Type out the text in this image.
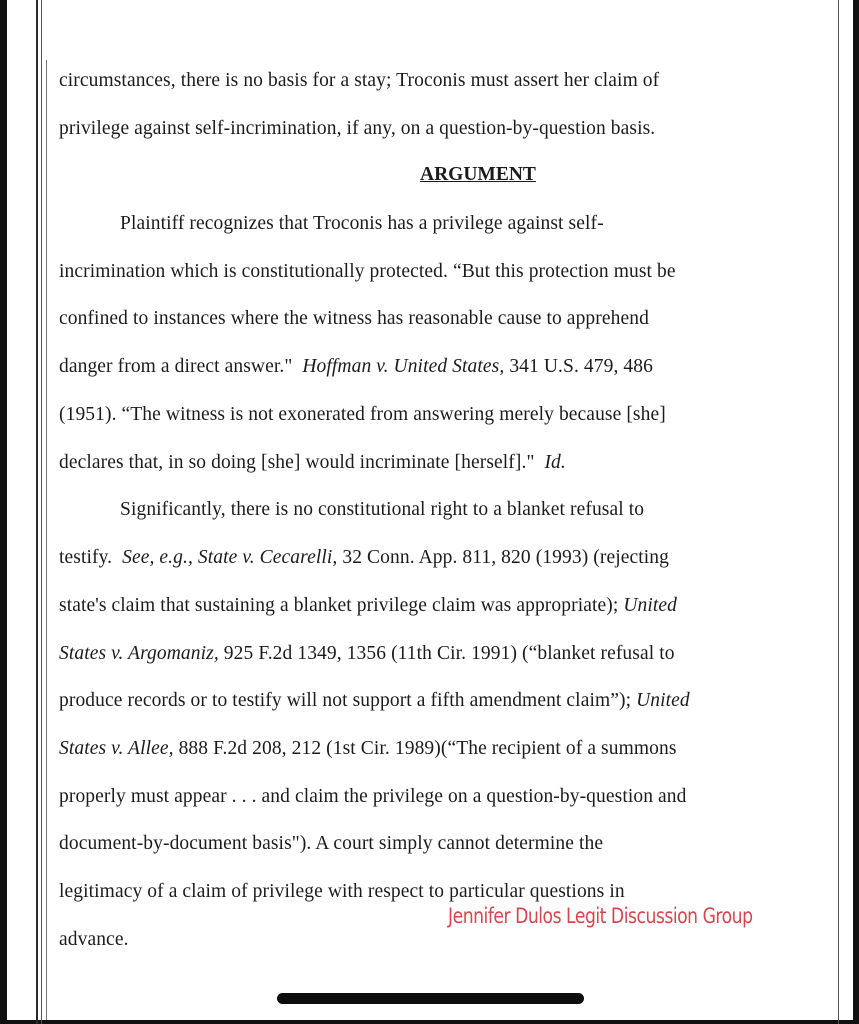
circumstances, there is no basis for a stay; Troconis must assert her claim of
privilege against self-incrimination, if any, on a question-by-question basis.
ARGUMENT
Plaintiff recognizes that Troconis has a privilege against self-
incrimination which is constitutionally protected. “But this protection must be
confined to instances where the witness has reasonable cause to apprehend
danger from a direct answer." Hoffman v. United States, 341 U.S. 479, 486
(1951). “The witness is not exonerated from answering merely because [she]
declares that, in so doing [she] would incriminate [herself]." Id.
Significantly, there is no constitutional right to a blanket refusal to
testify. See, e.g., State v. Cecarelli, 32 Conn. App. 811, 820 (1993) (rejecting
state's claim that sustaining a blanket privilege claim was appropriate); United
States v. Argomaniz, 925 F.2d 1349, 1356 (11th Cir. 1991) (“blanket refusal to
produce records or to testify will not support a fifth amendment claim”); United
States v. Allee, 888 F.2d 208, 212 (1st Cir. 1989)(“The recipient of a summons
properly must appear . . . and claim the privilege on a question-by-question and
document-by-document basis"). A court simply cannot determine the
legitimacy of a claim of privilege with respect to particular questions in
advance.
Jennifer Dulos Legit Discussion Group
